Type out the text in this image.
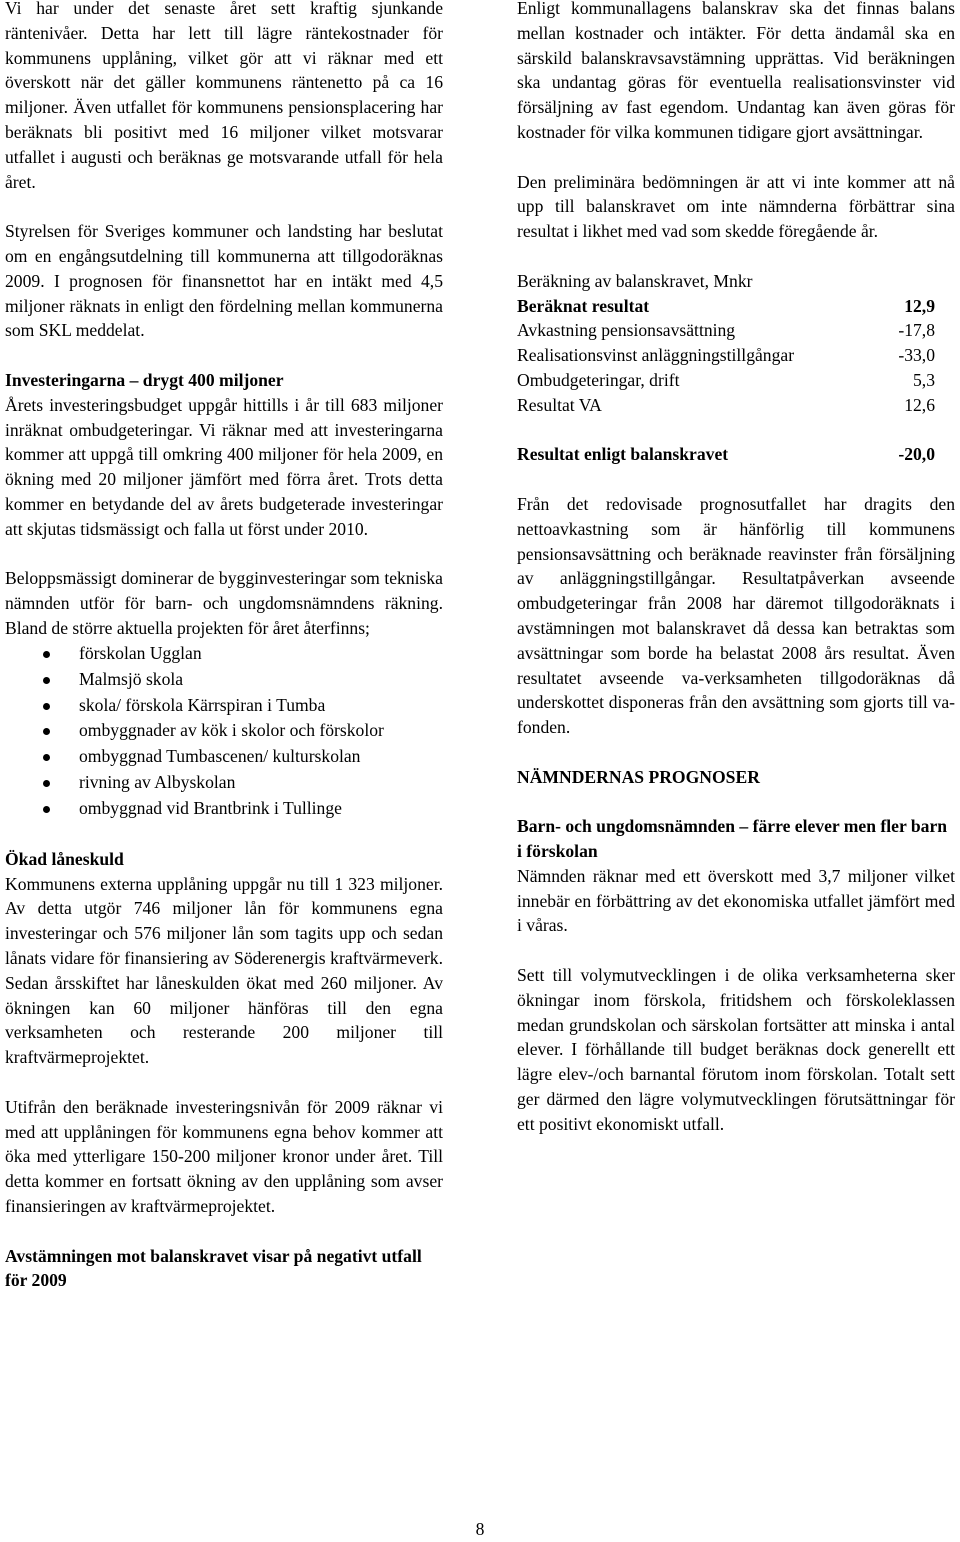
Vi har under det senaste året sett kraftig sjunkande räntenivåer. Detta har lett till lägre räntekostnader för kommunens upplåning, vilket gör att vi räknar med ett överskott när det gäller kommunens räntenetto på ca 16 miljoner. Även utfallet för kommunens pensionsplacering har beräknats bli positivt med 16 miljoner vilket motsvarar utfallet i augusti och beräknas ge motsvarande utfall för hela året.

Styrelsen för Sveriges kommuner och landsting har beslutat om en engångsutdelning till kommunerna att tillgodoräknas 2009. I prognosen för finansnettot har en intäkt med 4,5 miljoner räknats in enligt den fördelning mellan kommunerna som SKL meddelat.

Investeringarna – drygt 400 miljoner

Årets investeringsbudget uppgår hittills i år till 683 miljoner inräknat ombudgeteringar. Vi räknar med att investeringarna kommer att uppgå till omkring 400 miljoner för hela 2009, en ökning med 20 miljoner jämfört med förra året. Trots detta kommer en betydande del av årets budgeterade investeringar att skjutas tidsmässigt och falla ut först under 2010.

Beloppsmässigt dominerar de bygginvesteringar som tekniska nämnden utför för barn- och ungdomsnämndens räkning. Bland de större aktuella projekten för året återfinns;

förskolan Ugglan
Malmsjö skola
skola/ förskola Kärrspiran i Tumba
ombyggnader av kök i skolor och förskolor
ombyggnad Tumbascenen/ kulturskolan
rivning av Albyskolan
ombyggnad vid Brantbrink i Tullinge
Ökad låneskuld

Kommunens externa upplåning uppgår nu till 1 323 miljoner. Av detta utgör 746 miljoner lån för kommunens egna investeringar och 576 miljoner lån som tagits upp och sedan lånats vidare för finansiering av Söderenergis kraftvärmeverk. Sedan årsskiftet har låneskulden ökat med 260 miljoner. Av ökningen kan 60 miljoner hänföras till den egna verksamheten och resterande 200 miljoner till kraftvärmeprojektet.

Utifrån den beräknade investeringsnivån för 2009 räknar vi med att upplåningen för kommunens egna behov kommer att öka med ytterligare 150-200 miljoner kronor under året. Till detta kommer en fortsatt ökning av den upplåning som avser finansieringen av kraftvärmeprojektet.

Avstämningen mot balanskravet visar på negativt utfall för 2009

Enligt kommunallagens balanskrav ska det finnas balans mellan kostnader och intäkter. För detta ändamål ska en särskild balanskravsavstämning upprättas. Vid beräkningen ska undantag göras för eventuella realisationsvinster vid försäljning av fast egendom. Undantag kan även göras för kostnader för vilka kommunen tidigare gjort avsättningar.

Den preliminära bedömningen är att vi inte kommer att nå upp till balanskravet om inte nämnderna förbättrar sina resultat i likhet med vad som skedde föregående år.

Beräkning av balanskravet, Mnkr
Beräknat resultat	12,9
Avkastning pensionsavsättning	-17,8
Realisationsvinst anläggningstillgångar	-33,0
Ombudgeteringar, drift	5,3
Resultat VA	12,6

Resultat enligt balanskravet	-20,0

Från det redovisade prognosutfallet har dragits den nettoavkastning som är hänförlig till kommunens pensionsavsättning och beräknade reavinster från försäljning av anläggningstillgångar. Resultatpåverkan avseende ombudgeteringar från 2008 har däremot tillgodoräknats i avstämningen mot balanskravet då dessa kan betraktas som avsättningar som borde ha belastat 2008 års resultat. Även resultatet avseende va-verksamheten tillgodoräknas då underskottet disponeras från den avsättning som gjorts till va-fonden.

NÄMNDERNAS PROGNOSER
Barn- och ungdomsnämnden – färre elever men fler barn i förskolan

Nämnden räknar med ett överskott med 3,7 miljoner vilket innebär en förbättring av det ekonomiska utfallet jämfört med i våras.

Sett till volymutvecklingen i de olika verksamheterna sker ökningar inom förskola, fritidshem och förskoleklassen medan grundskolan och särskolan fortsätter att minska i antal elever. I förhållande till budget beräknas dock generellt ett lägre elev-/och barnantal förutom inom förskolan. Totalt sett ger därmed den lägre volymutvecklingen förutsättningar för ett positivt ekonomiskt utfall.

8
